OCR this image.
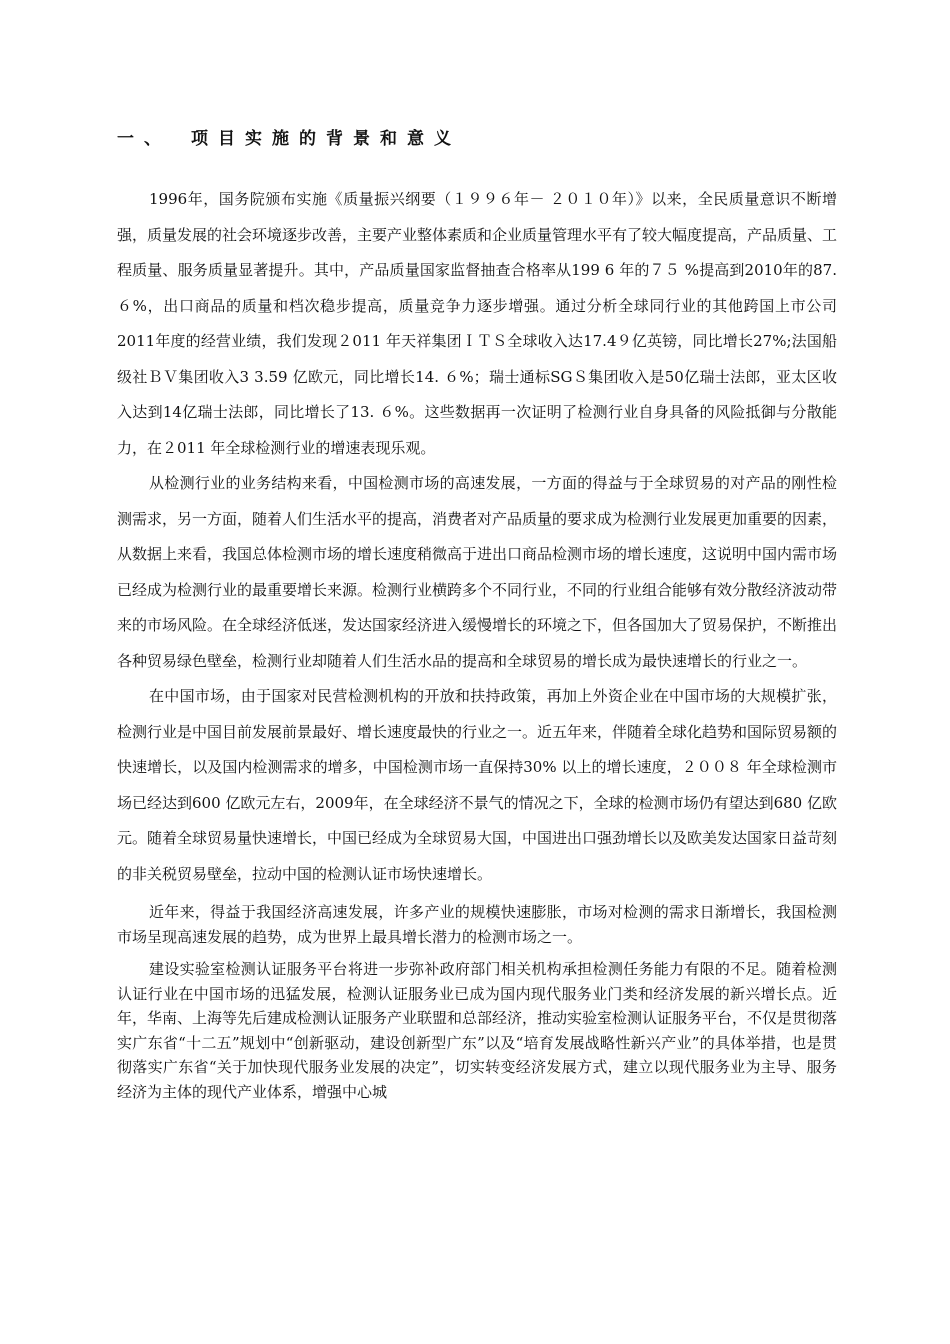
一、 项目实施的背景和意义

1996年，国务院颁布实施《质量振兴纲要（１９９６年－ ２０１０年）》以来，全民质量意识不断增强，质量发展的社会环境逐步改善，主要产业整体素质和企业质量管理水平有了较大幅度提高，产品质量、工程质量、服务质量显著提升。其中，产品质量国家监督抽查合格率从199 6 年的７５ %提高到2010年的87. ６%，出口商品的质量和档次稳步提高，质量竞争力逐步增强。通过分析全球同行业的其他跨国上市公司2011年度的经营业绩，我们发现２011 年天祥集团ＩＴＳ全球收入达17.4９亿英镑，同比增长27%;法国船级社ＢＶ集团收入3 3.59 亿欧元，同比增长14. ６%；瑞士通标SGＳ集团收入是50亿瑞士法郎，亚太区收入达到14亿瑞士法郎，同比增长了13. ６%。这些数据再一次证明了检测行业自身具备的风险抵御与分散能力，在２011 年全球检测行业的增速表现乐观。

从检测行业的业务结构来看，中国检测市场的高速发展，一方面的得益与于全球贸易的对产品的刚性检测需求，另一方面，随着人们生活水平的提高，消费者对产品质量的要求成为检测行业发展更加重要的因素，从数据上来看，我国总体检测市场的增长速度稍微高于进出口商品检测市场的增长速度，这说明中国内需市场已经成为检测行业的最重要增长来源。检测行业横跨多个不同行业，不同的行业组合能够有效分散经济波动带来的市场风险。在全球经济低迷，发达国家经济进入缓慢增长的环境之下，但各国加大了贸易保护，不断推出各种贸易绿色壁垒，检测行业却随着人们生活水品的提高和全球贸易的增长成为最快速增长的行业之一。

在中国市场，由于国家对民营检测机构的开放和扶持政策，再加上外资企业在中国市场的大规模扩张，检测行业是中国目前发展前景最好、增长速度最快的行业之一。近五年来，伴随着全球化趋势和国际贸易额的快速增长，以及国内检测需求的增多，中国检测市场一直保持30% 以上的增长速度，２００８ 年全球检测市场已经达到600 亿欧元左右，2009年，在全球经济不景气的情况之下，全球的检测市场仍有望达到680 亿欧元。随着全球贸易量快速增长，中国已经成为全球贸易大国，中国进出口强劲增长以及欧美发达国家日益苛刻的非关税贸易壁垒，拉动中国的检测认证市场快速增长。

近年来，得益于我国经济高速发展，许多产业的规模快速膨胀，市场对检测的需求日渐增长，我国检测市场呈现高速发展的趋势，成为世界上最具增长潜力的检测市场之一。

建设实验室检测认证服务平台将进一步弥补政府部门相关机构承担检测任务能力有限的不足。随着检测认证行业在中国市场的迅猛发展，检测认证服务业已成为国内现代服务业门类和经济发展的新兴增长点。近年，华南、上海等先后建成检测认证服务产业联盟和总部经济，推动实验室检测认证服务平台，不仅是贯彻落实广东省“十二五”规划中“创新驱动，建设创新型广东”以及“培育发展战略性新兴产业”的具体举措，也是贯彻落实广东省“关于加快现代服务业发展的决定”，切实转变经济发展方式，建立以现代服务业为主导、服务经济为主体的现代产业体系，增强中心城
